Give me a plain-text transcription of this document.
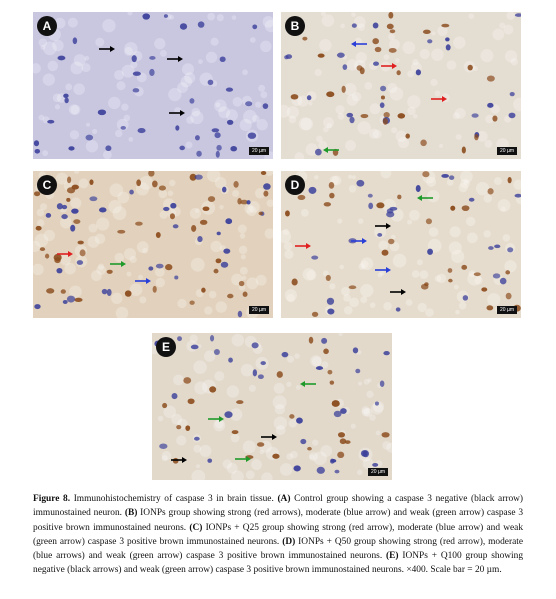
A
20 µm
B
20 µm
C
20 µm
D
20 µm
E
20 µm
Figure 8. Immunohistochemistry of caspase 3 in brain tissue. (A) Control group showing a caspase 3 negative (black arrow) immunostained neuron. (B) IONPs group showing strong (red arrows), moderate (blue arrow) and weak (green arrow) caspase 3 positive brown immunostained neurons. (C) IONPs + Q25 group showing strong (red arrow), moderate (blue arrow) and weak (green arrow) caspase 3 positive brown immunostained neurons. (D) IONPs + Q50 group showing strong (red arrow), moderate (blue arrows) and weak (green arrow) caspase 3 positive brown immunostained neurons. (E) IONPs + Q100 group showing negative (black arrows) and weak (green arrow) caspase 3 positive brown immunostained neurons. ×400. Scale bar = 20 µm.
